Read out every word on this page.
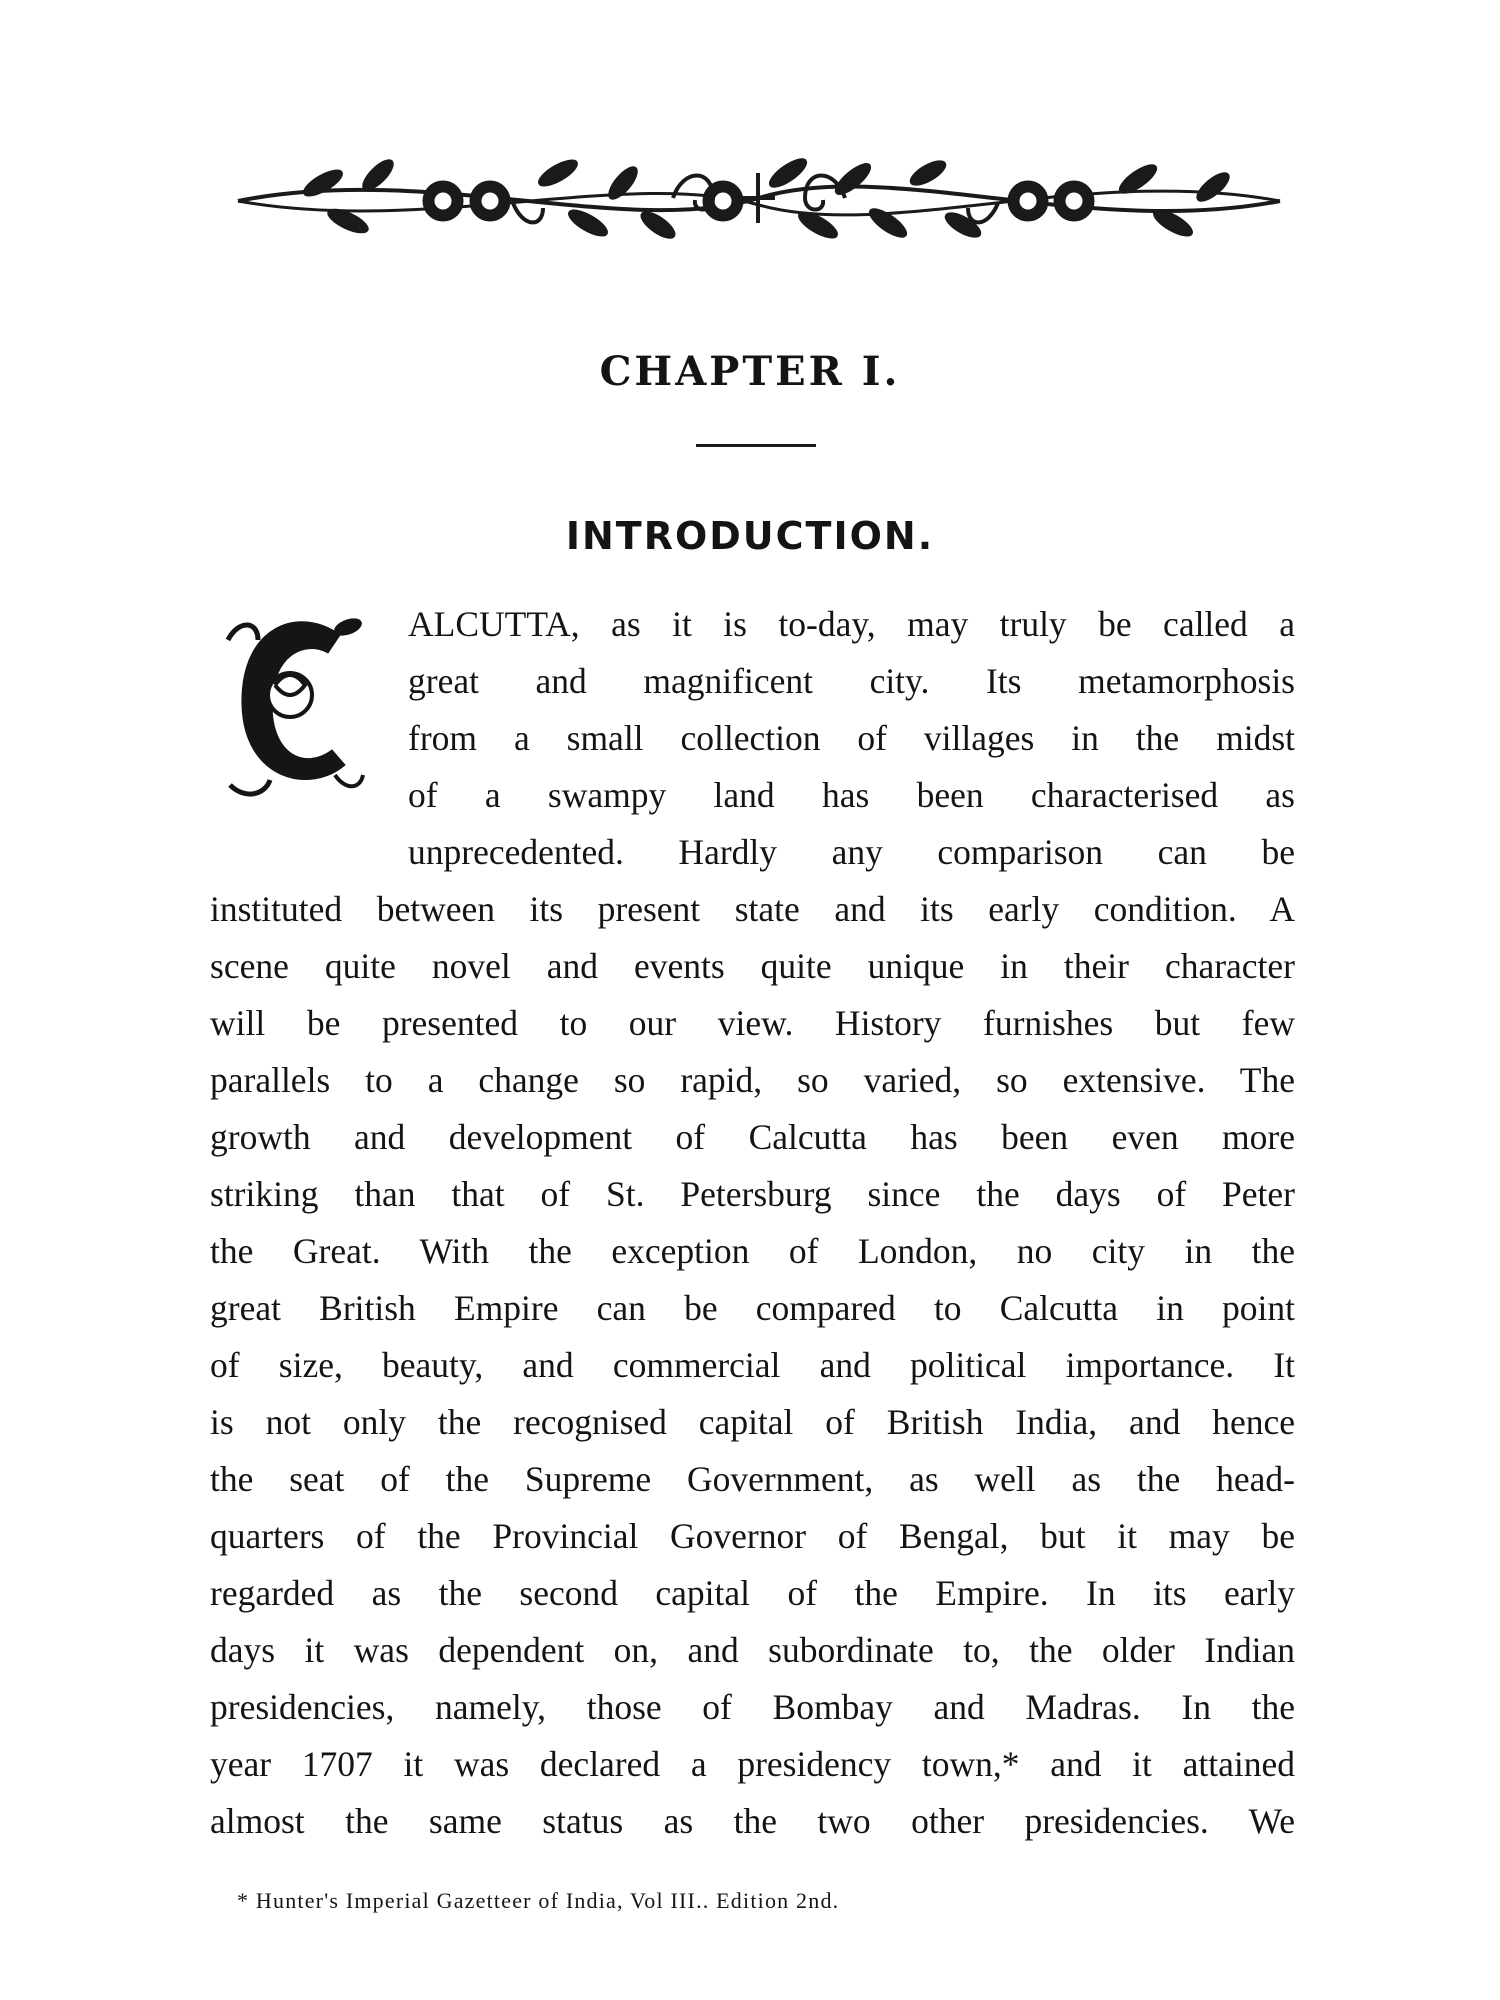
CHAPTER I.
INTRODUCTION.
C
ALCUTTA, as it is to-day, may truly be called a
great and magnificent city. Its metamorphosis
from a small collection of villages in the midst
of a swampy land has been characterised as
unprecedented. Hardly any comparison can be
instituted between its present state and its early condition. A
scene quite novel and events quite unique in their character
will be presented to our view. History furnishes but few
parallels to a change so rapid, so varied, so extensive. The
growth and development of Calcutta has been even more
striking than that of St. Petersburg since the days of Peter
the Great. With the exception of London, no city in the
great British Empire can be compared to Calcutta in point
of size, beauty, and commercial and political importance. It
is not only the recognised capital of British India, and hence
the seat of the Supreme Government, as well as the head-
quarters of the Provincial Governor of Bengal, but it may be
regarded as the second capital of the Empire. In its early
days it was dependent on, and subordinate to, the older Indian
presidencies, namely, those of Bombay and Madras. In the
year 1707 it was declared a presidency town,* and it attained
almost the same status as the two other presidencies. We
* Hunter's Imperial Gazetteer of India, Vol III.. Edition 2nd.
